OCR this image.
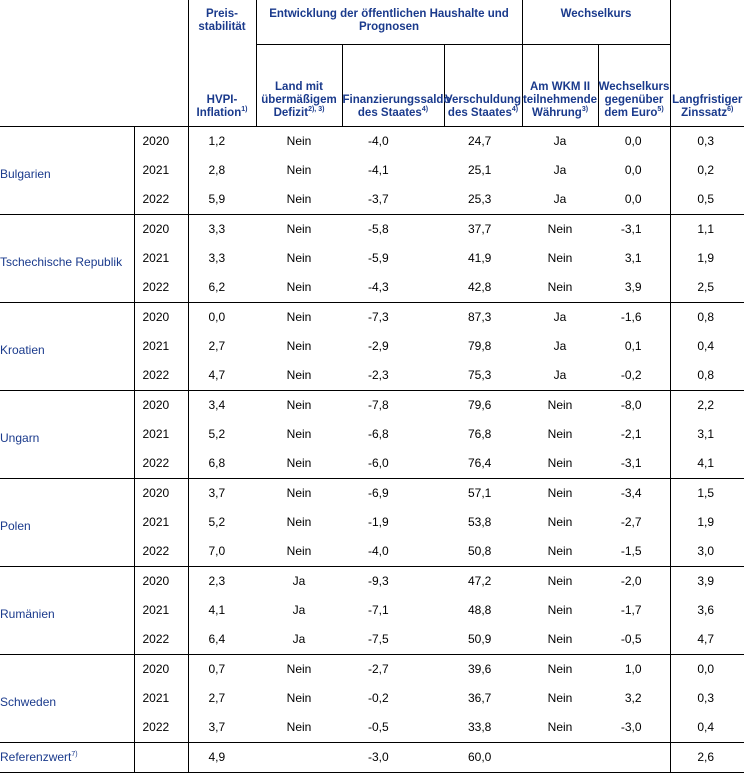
		Preis-stabilität	Entwicklung der öffentlichen Haushalte und Prognosen			Wechselkurs		
		HVPI-Inflation$^{1)}$	Land mit übermäßigem Defizit$^{2), 3)}$	Finanzierungssaldo des Staates$^{4)}$	Verschuldung des Staates$^{4)}$	Am WKM II teilnehmende Währung$^{3)}$	Wechselkurs gegenüber dem Euro$^{5)}$	Langfristiger Zinssatz$^{6)}$
Bulgarien	2020	1,2	Nein	-4,0	24,7	Ja	0,0	0,3
	2021	2,8	Nein	-4,1	25,1	Ja	0,0	0,2
	2022	5,9	Nein	-3,7	25,3	Ja	0,0	0,5
Tschechische Republik	2020	3,3	Nein	-5,8	37,7	Nein	-3,1	1,1
	2021	3,3	Nein	-5,9	41,9	Nein	3,1	1,9
	2022	6,2	Nein	-4,3	42,8	Nein	3,9	2,5
Kroatien	2020	0,0	Nein	-7,3	87,3	Ja	-1,6	0,8
	2021	2,7	Nein	-2,9	79,8	Ja	0,1	0,4
	2022	4,7	Nein	-2,3	75,3	Ja	-0,2	0,8
Ungarn	2020	3,4	Nein	-7,8	79,6	Nein	-8,0	2,2
	2021	5,2	Nein	-6,8	76,8	Nein	-2,1	3,1
	2022	6,8	Nein	-6,0	76,4	Nein	-3,1	4,1
Polen	2020	3,7	Nein	-6,9	57,1	Nein	-3,4	1,5
	2021	5,2	Nein	-1,9	53,8	Nein	-2,7	1,9
	2022	7,0	Nein	-4,0	50,8	Nein	-1,5	3,0
Rumänien	2020	2,3	Ja	-9,3	47,2	Nein	-2,0	3,9
	2021	4,1	Ja	-7,1	48,8	Nein	-1,7	3,6
	2022	6,4	Ja	-7,5	50,9	Nein	-0,5	4,7
Schweden	2020	0,7	Nein	-2,7	39,6	Nein	1,0	0,0
	2021	2,7	Nein	-0,2	36,7	Nein	3,2	0,3
	2022	3,7	Nein	-0,5	33,8	Nein	-3,0	0,4
Referenzwert$^{7)}$		4,9		-3,0	60,0			2,6
